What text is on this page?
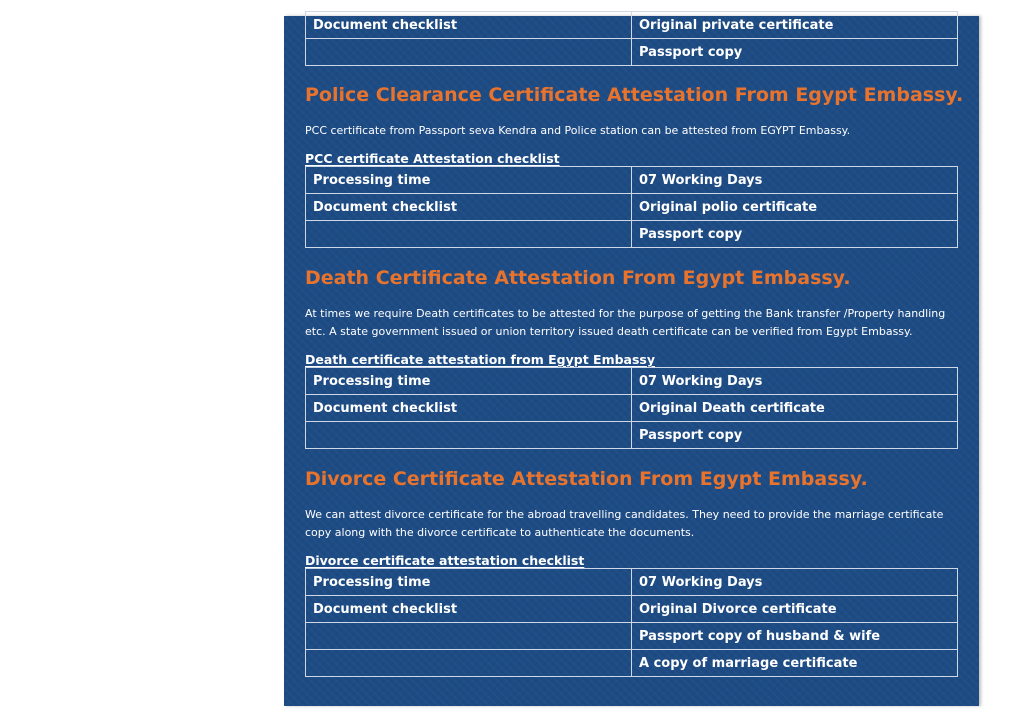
Document checklist	Original private certificate
	Passport copy
Police Clearance Certificate Attestation From Egypt Embassy.

PCC certificate from Passport seva Kendra and Police station can be attested from EGYPT Embassy.

PCC certificate Attestation checklist
Processing time	07 Working Days
Document checklist	Original polio certificate
	Passport copy
Death Certificate Attestation From Egypt Embassy.

At times we require Death certificates to be attested for the purpose of getting the Bank transfer /Property handling
etc. A state government issued or union territory issued death certificate can be verified from Egypt Embassy.

Death certificate attestation from Egypt Embassy
Processing time	07 Working Days
Document checklist	Original Death certificate
	Passport copy
Divorce Certificate Attestation From Egypt Embassy.

We can attest divorce certificate for the abroad travelling candidates. They need to provide the marriage certificate
copy along with the divorce certificate to authenticate the documents.

Divorce certificate attestation checklist
Processing time	07 Working Days
Document checklist	Original Divorce certificate
	Passport copy of husband & wife
	A copy of marriage certificate
